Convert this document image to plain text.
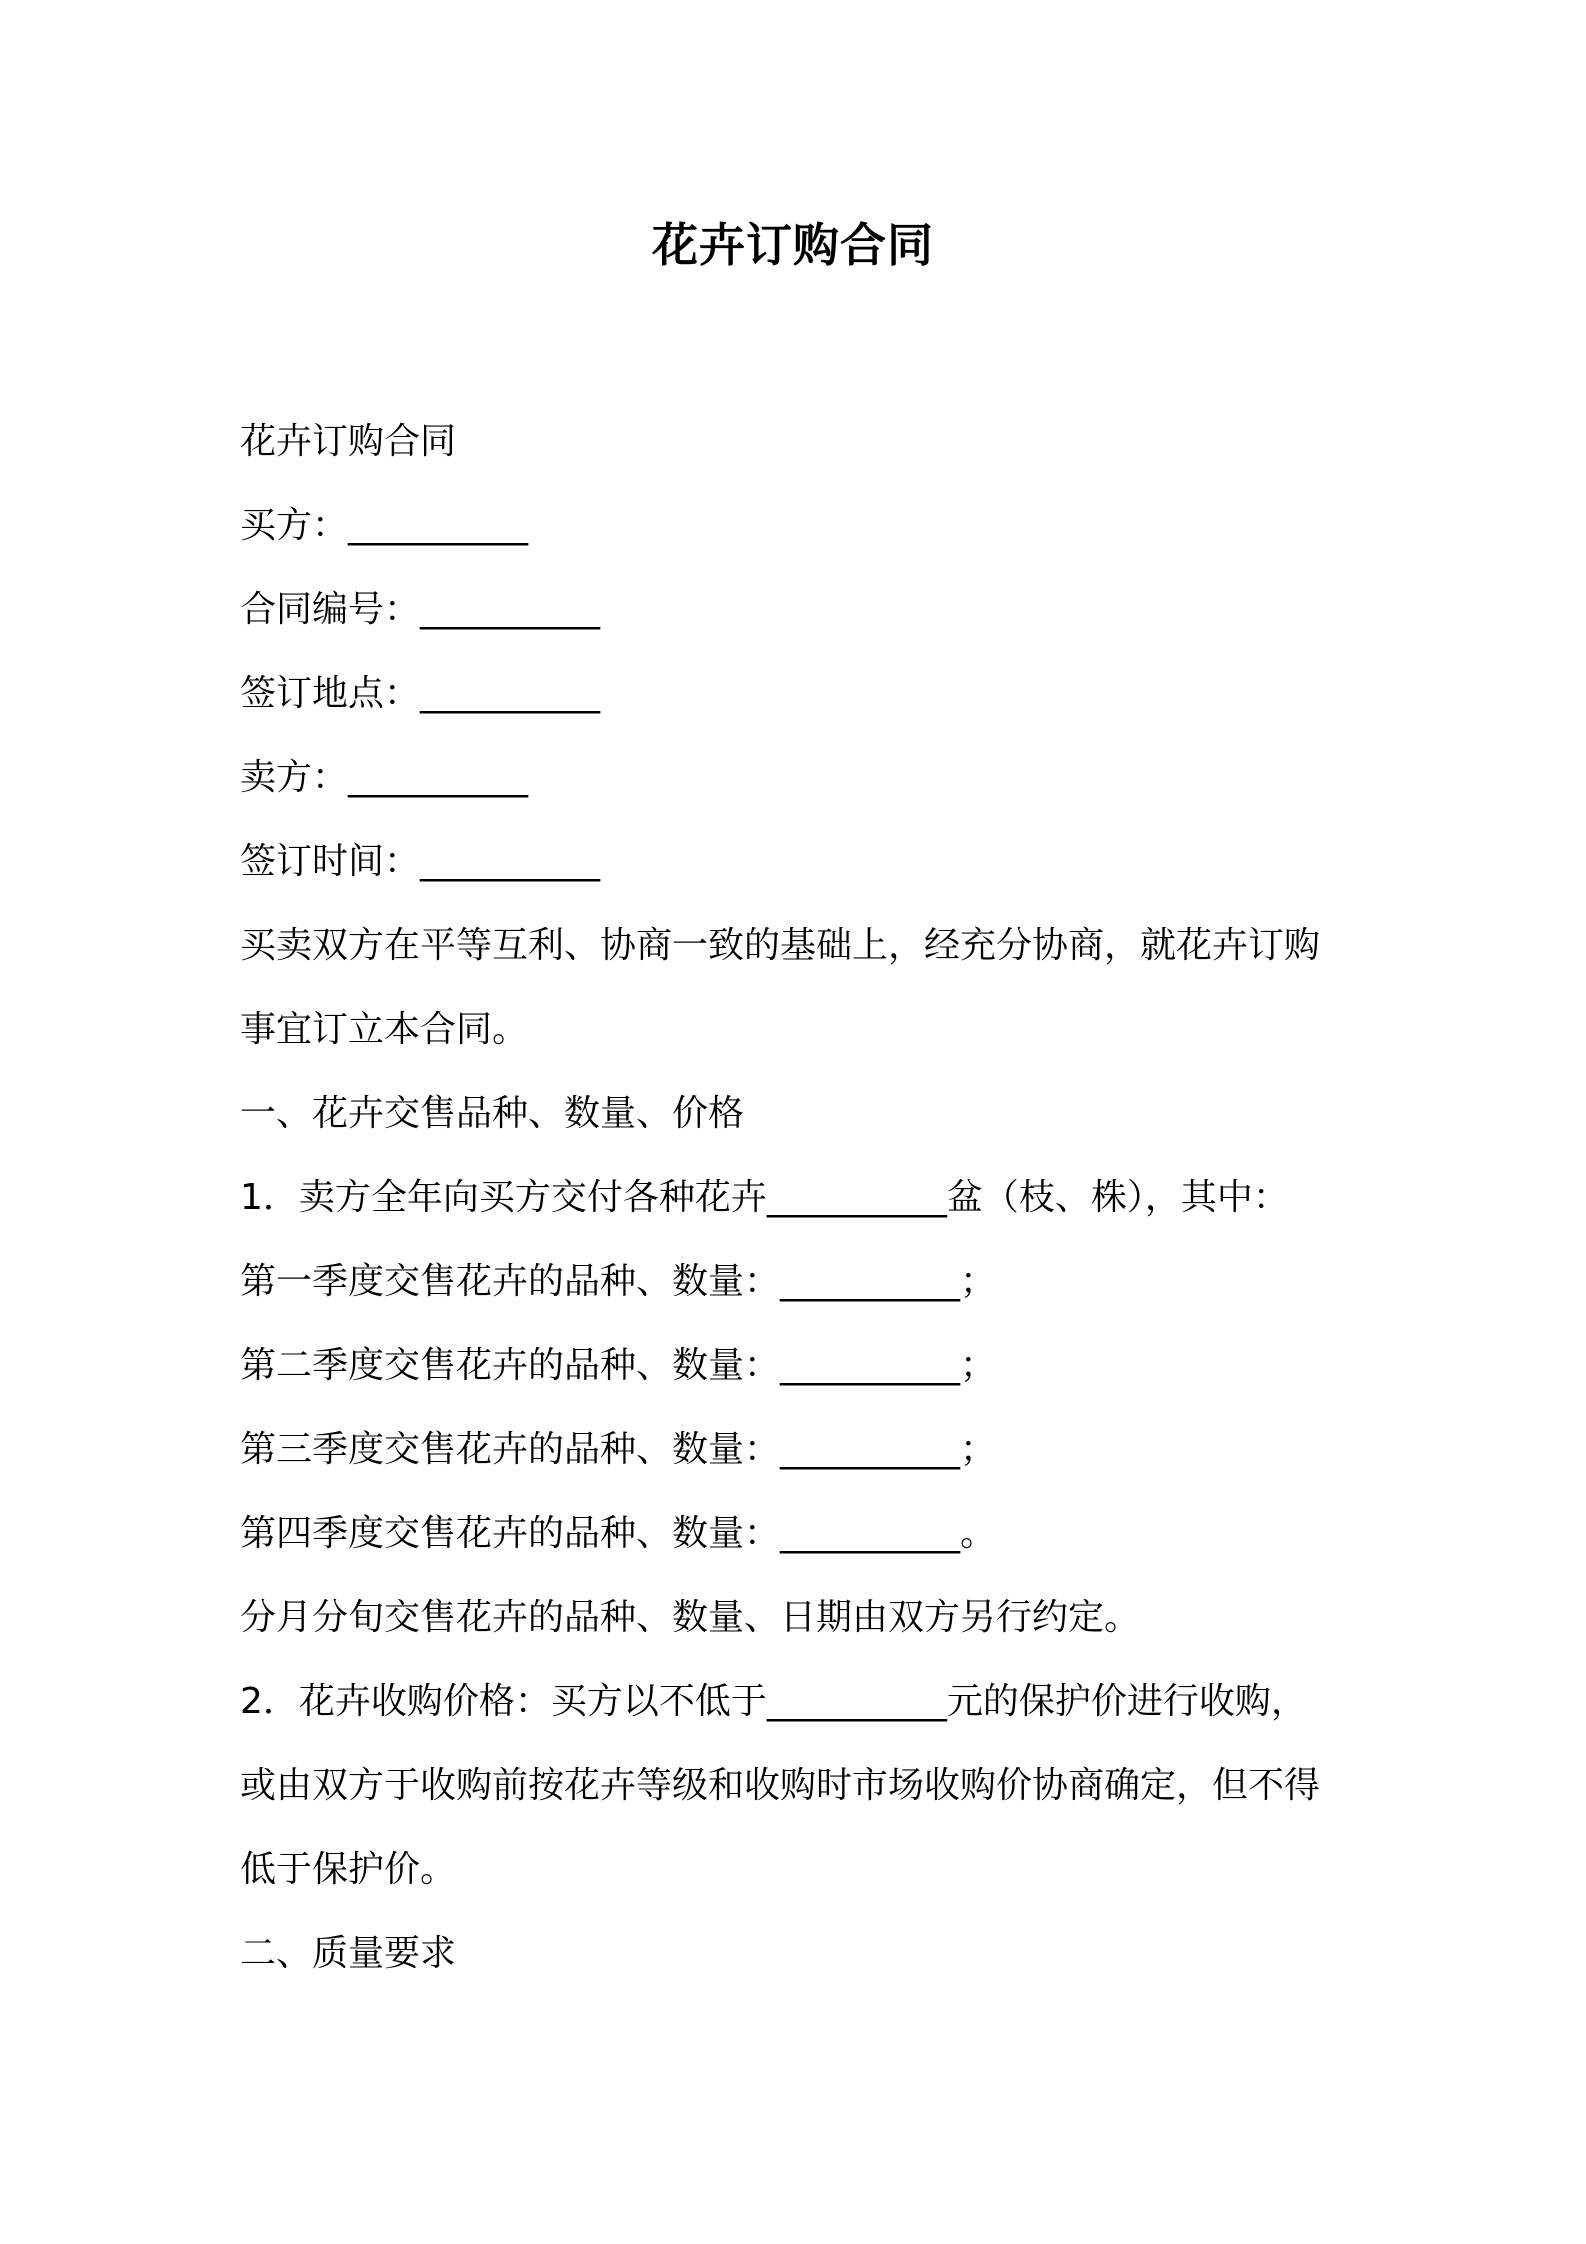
花卉订购合同
花卉订购合同
买方：__________
合同编号：__________
签订地点：__________
卖方：__________
签订时间：__________
买卖双方在平等互利、协商一致的基础上，经充分协商，就花卉订购
事宜订立本合同。
一、花卉交售品种、数量、价格
1．卖方全年向买方交付各种花卉__________盆（枝、株），其中：
第一季度交售花卉的品种、数量：__________；
第二季度交售花卉的品种、数量：__________；
第三季度交售花卉的品种、数量：__________；
第四季度交售花卉的品种、数量：__________。
分月分旬交售花卉的品种、数量、日期由双方另行约定。
2．花卉收购价格：买方以不低于__________元的保护价进行收购，
或由双方于收购前按花卉等级和收购时市场收购价协商确定，但不得
低于保护价。
二、质量要求
